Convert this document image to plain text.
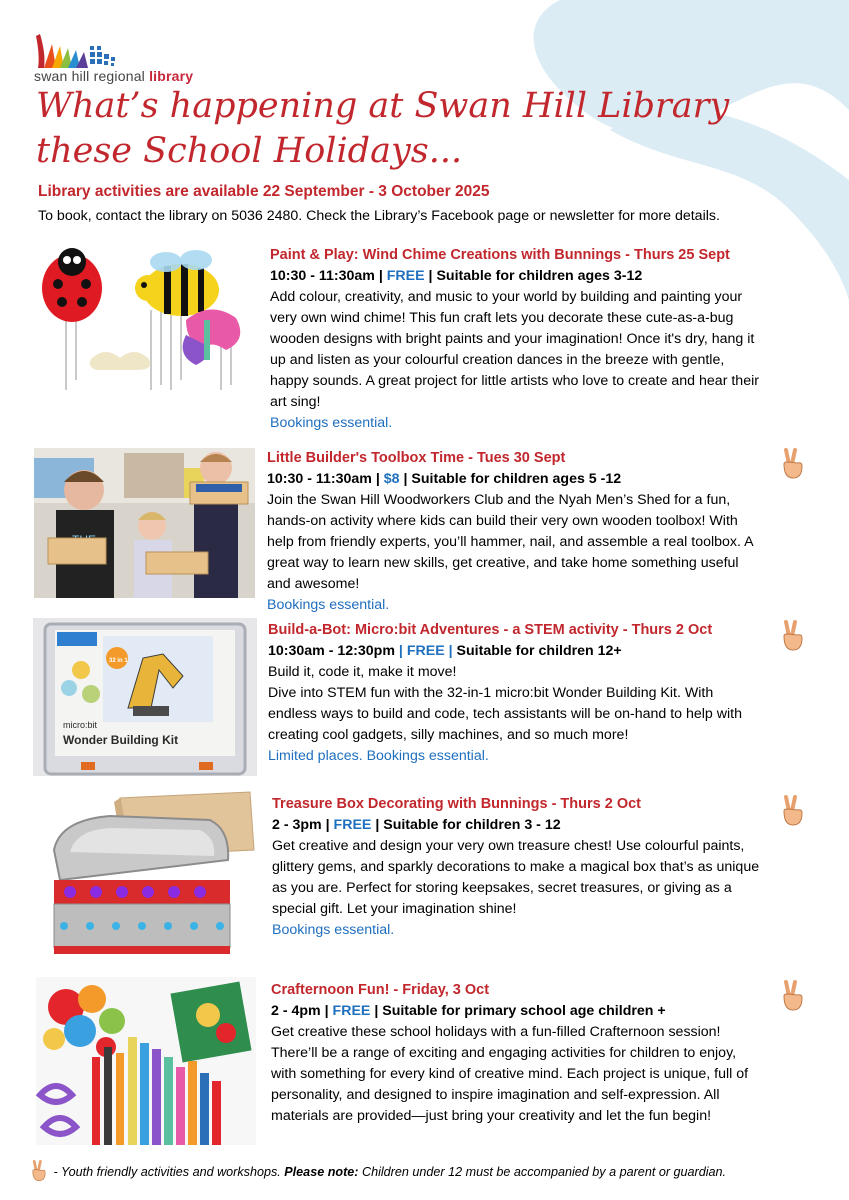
swan hill regional library
What’s happening at Swan Hill Library
these School Holidays...
Library activities are available 22 September - 3 October 2025
To book, contact the library on 5036 2480. Check the Library’s Facebook page or newsletter for more details.
Paint & Play: Wind Chime Creations with Bunnings - Thurs 25 Sept
10:30 - 11:30am | FREE | Suitable for children ages 3-12
Add colour, creativity, and music to your world by building and painting your
very own wind chime! This fun craft lets you decorate these cute-as-a-bug
wooden designs with bright paints and your imagination! Once it's dry, hang it
up and listen as your colourful creation dances in the breeze with gentle,
happy sounds. A great project for little artists who love to create and hear their
art sing!
Bookings essential.
Little Builder's Toolbox Time - Tues 30 Sept
10:30 - 11:30am | $8 | Suitable for children ages 5 -12
Join the Swan Hill Woodworkers Club and the Nyah Men’s Shed for a fun,
hands-on activity where kids can build their very own wooden toolbox! With
help from friendly experts, you’ll hammer, nail, and assemble a real toolbox. A
great way to learn new skills, get creative, and take home something useful
and awesome!
Bookings essential.
32 in 1
micro:bit
Wonder Building Kit
Build-a-Bot: Micro:bit Adventures - a STEM activity - Thurs 2 Oct
10:30am - 12:30pm | FREE | Suitable for children 12+
Build it, code it, make it move!
Dive into STEM fun with the 32-in-1 micro:bit Wonder Building Kit. With
endless ways to build and code, tech assistants will be on-hand to help with
creating cool gadgets, silly machines, and so much more!
Limited places. Bookings essential.
Treasure Box Decorating with Bunnings - Thurs 2 Oct
2 - 3pm | FREE | Suitable for children 3 - 12
Get creative and design your very own treasure chest! Use colourful paints,
glittery gems, and sparkly decorations to make a magical box that’s as unique
as you are. Perfect for storing keepsakes, secret treasures, or giving as a
special gift. Let your imagination shine!
Bookings essential.
Crafternoon Fun! - Friday, 3 Oct
2 - 4pm | FREE | Suitable for primary school age children +
Get creative these school holidays with a fun-filled Crafternoon session!
There’ll be a range of exciting and engaging activities for children to enjoy,
with something for every kind of creative mind. Each project is unique, full of
personality, and designed to inspire imagination and self-expression. All
materials are provided—just bring your creativity and let the fun begin!
- Youth friendly activities and workshops. Please note: Children under 12 must be accompanied by a parent or guardian.
